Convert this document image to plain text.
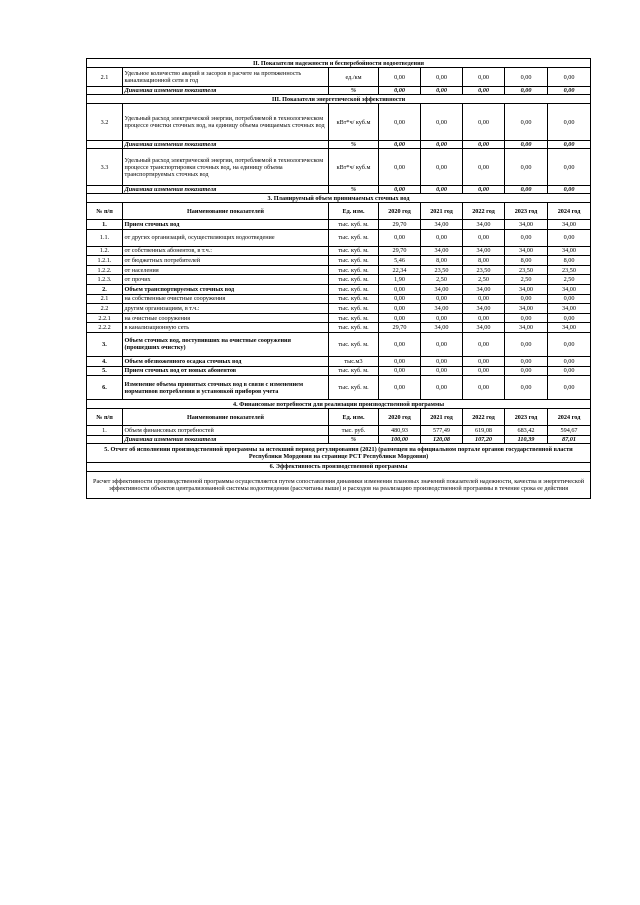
II. Показатели надежности и бесперебойности водоотведения							
2.1	Удельное количество аварий и засоров в расчете на протяженность канализационной сети в год	ед./км	0,00	0,00	0,00	0,00	0,00
	Динамика изменения показателя	%	0,00	0,00	0,00	0,00	0,00
III. Показатели энергетической эффективности							
3.2	Удельный расход электрической энергии, потребляемой в технологическом процессе очистки сточных вод, на единицу объема очищаемых сточных вод	кВт*ч/ куб.м	0,00	0,00	0,00	0,00	0,00
	Динамика изменения показателя	%	0,00	0,00	0,00	0,00	0,00
3.3	Удельный расход электрической энергии, потребляемой в технологическом процессе транспортировки сточных вод, на единицу объема транспортируемых сточных вод	кВт*ч/ куб.м	0,00	0,00	0,00	0,00	0,00
	Динамика изменения показателя	%	0,00	0,00	0,00	0,00	0,00
3. Планируемый объем принимаемых сточных вод							
№ п/п	Наименование показателей	Ед. изм.	2020 год	2021 год	2022 год	2023 год	2024 год
1.	Прием сточных вод	тыс. куб. м.	29,70	34,00	34,00	34,00	34,00
1.1.	от других организаций, осуществляющих водоотведение	тыс. куб. м.	0,00	0,00	0,00	0,00	0,00
1.2.	от собственных абонентов, в т.ч.:	тыс. куб. м.	29,70	34,00	34,00	34,00	34,00
1.2.1.	от бюджетных потребителей	тыс. куб. м.	5,46	8,00	8,00	8,00	8,00
1.2.2.	от населения	тыс. куб. м.	22,34	23,50	23,50	23,50	23,50
1.2.3.	от прочих	тыс. куб. м.	1,90	2,50	2,50	2,50	2,50
2.	Объем транспортируемых сточных вод	тыс. куб. м.	0,00	34,00	34,00	34,00	34,00
2.1	на собственные очистные сооружения	тыс. куб. м.	0,00	0,00	0,00	0,00	0,00
2.2	другим организациям, в т.ч.:	тыс. куб. м.	0,00	34,00	34,00	34,00	34,00
2.2.1	на очистные сооружения	тыс. куб. м.	0,00	0,00	0,00	0,00	0,00
2.2.2	в канализационную сеть	тыс. куб. м.	29,70	34,00	34,00	34,00	34,00
3.	Объем сточных вод, поступивших на очистные сооружения (прошедших очистку)	тыс. куб. м.	0,00	0,00	0,00	0,00	0,00
4.	Объем обезвоженного осадка сточных вод	тыс.м3	0,00	0,00	0,00	0,00	0,00
5.	Прием сточных вод от новых абонентов	тыс. куб. м.	0,00	0,00	0,00	0,00	0,00
6.	Изменение объема принятых сточных вод в связи с изменением нормативов потребления и установкой приборов учета	тыс. куб. м.	0,00	0,00	0,00	0,00	0,00
4. Финансовые потребности для реализации производственной программы							
№ п/п	Наименование показателей	Ед. изм.	2020 год	2021 год	2022 год	2023 год	2024 год
1.	Объем финансовых потребностей	тыс. руб.	480,93	577,49	619,08	683,42	594,67
	Динамика изменения показателя	%	100,00	120,08	107,20	110,39	87,01
5. Отчет об исполнении производственной программы за истекший период регулирования (2021) (размещен на официальном портале органов государственной власти Республики Мордовия на странице РСТ Республики Мордовия)							
6. Эффективность производственной программы							
Расчет эффективности производственной программы осуществляется путем сопоставления динамики изменения плановых значений показателей надежности, качества и энергетической эффективности объектов централизованной системы водоотведения (рассчитаны выше) и расходов на реализацию производственной программы в течение срока ее действия							
